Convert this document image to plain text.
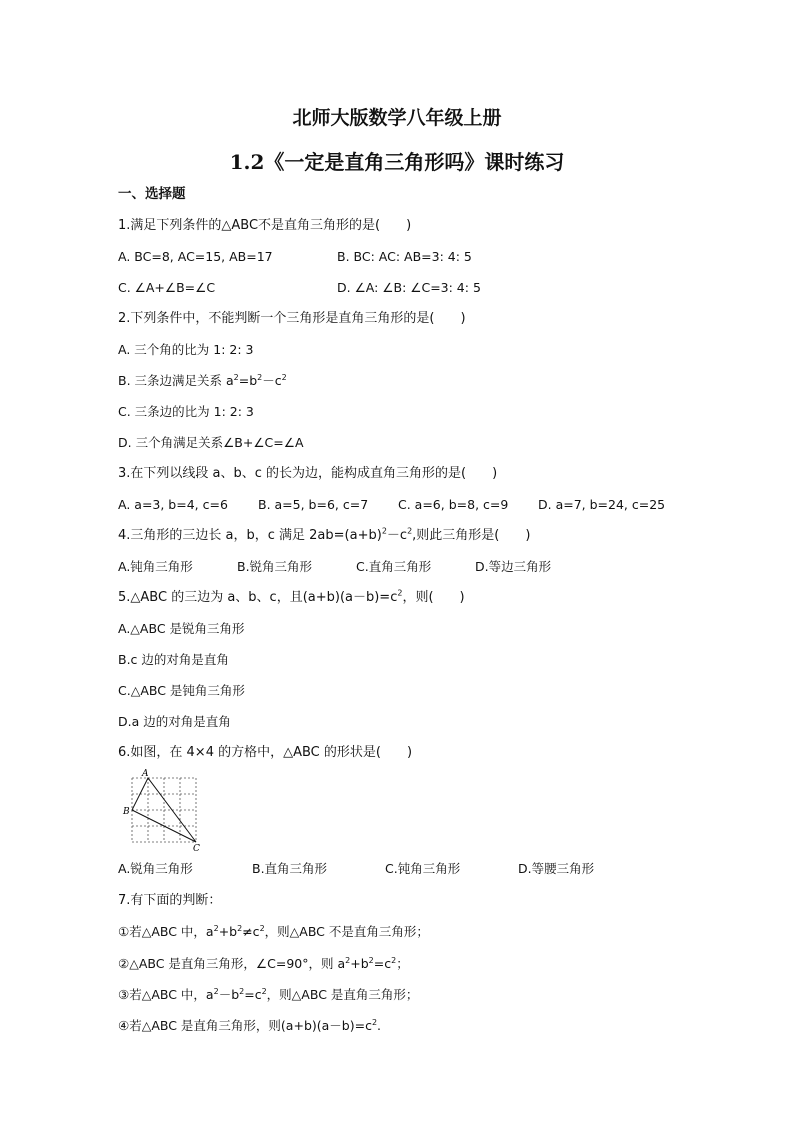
北师大版数学八年级上册
1.2《一定是直角三角形吗》课时练习
一、选择题
1.满足下列条件的△ABC不是直角三角形的是(　　)
A. BC=8, AC=15, AB=17	B. BC: AC: AB=3: 4: 5
C. ∠A+∠B=∠C	D. ∠A: ∠B: ∠C=3: 4: 5
2.下列条件中，不能判断一个三角形是直角三角形的是(　　)
A. 三个角的比为 1: 2: 3
B. 三条边满足关系 $a^2=b^2-c^2$
C. 三条边的比为 1: 2: 3
D. 三个角满足关系∠B+∠C=∠A
3.在下列以线段 a、b、c 的长为边，能构成直角三角形的是(　　)
A. a=3, b=4, c=6 B. a=5, b=6, c=7 C. a=6, b=8, c=9 D. a=7, b=24, c=25
4.三角形的三边长 a，b，c 满足 $2ab=(a+b)^2-c^2$,则此三角形是(　　)
A.钝角三角形	B.锐角三角形	C.直角三角形	D.等边三角形
5.△ABC 的三边为 a、b、c，且$(a+b)(a-b)=c^2$，则(　　)
A.△ABC 是锐角三角形
B.c 边的对角是直角
C.△ABC 是钝角三角形
D.a 边的对角是直角
6.如图，在 4×4 的方格中，△ABC 的形状是(　　)
A
B
C
A.锐角三角形	B.直角三角形	C.钝角三角形	D.等腰三角形
7.有下面的判断：
①若△ABC 中，$a^2+b^2\ne c^2$，则△ABC 不是直角三角形；
②△ABC 是直角三角形，∠C=90°，则 $a^2+b^2=c^2$；
③若△ABC 中，$a^2-b^2=c^2$，则△ABC 是直角三角形；
④若△ABC 是直角三角形，则$(a+b)(a-b)=c^2$.
